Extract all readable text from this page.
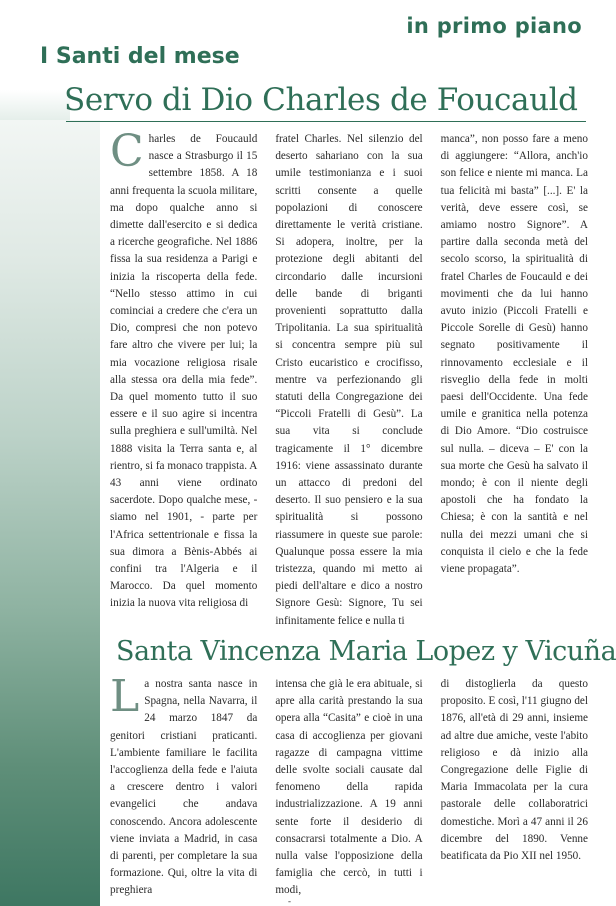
in primo piano
I Santi del mese
Servo di Dio Charles de Foucauld

Charles de Foucauld nasce a Strasburgo il 15 settembre 1858. A 18 anni frequenta la scuola militare, ma dopo qualche anno si dimette dall'esercito e si dedica a ricerche geografiche. Nel 1886 fissa la sua residenza a Parigi e inizia la riscoperta della fede. “Nello stesso attimo in cui cominciai a credere che c'era un Dio, compresi che non potevo fare altro che vivere per lui; la mia vocazione religiosa risale alla stessa ora della mia fede”. Da quel momento tutto il suo essere e il suo agire si incentra sulla preghiera e sull'umiltà. Nel 1888 visita la Terra santa e, al rientro, si fa monaco trappista. A 43 anni viene ordinato sacerdote. Dopo qualche mese, - siamo nel 1901, - parte per l'Africa settentrionale e fissa la sua dimora a Bènis-Abbés ai confini tra l'Algeria e il Marocco. Da quel momento inizia la nuova vita religiosa di

fratel Charles. Nel silenzio del deserto sahariano con la sua umile testimonianza e i suoi scritti consente a quelle popolazioni di conoscere direttamente le verità cristiane. Si adopera, inoltre, per la protezione degli abitanti del circondario dalle incursioni delle bande di briganti provenienti soprattutto dalla Tripolitania. La sua spiritualità si concentra sempre più sul Cristo eucaristico e crocifisso, mentre va perfezionando gli statuti della Congregazione dei “Piccoli Fratelli di Gesù”. La sua vita si conclude tragicamente il 1° dicembre 1916: viene assassinato durante un attacco di predoni del deserto. Il suo pensiero e la sua spiritualità si possono riassumere in queste sue parole: Qualunque possa essere la mia tristezza, quando mi metto ai piedi dell'altare e dico a nostro Signore Gesù: Signore, Tu sei infinitamente felice e nulla ti

manca”, non posso fare a meno di aggiungere: “Allora, anch'io son felice e niente mi manca. La tua felicità mi basta” [...]. E' la verità, deve essere così, se amiamo nostro Signore”. A partire dalla seconda metà del secolo scorso, la spiritualità di fratel Charles de Foucauld e dei movimenti che da lui hanno avuto inizio (Piccoli Fratelli e Piccole Sorelle di Gesù) hanno segnato positivamente il rinnovamento ecclesiale e il risveglio della fede in molti paesi dell'Occidente. Una fede umile e granitica nella potenza di Dio Amore. “Dio costruisce sul nulla. – diceva – E' con la sua morte che Gesù ha salvato il mondo; è con il niente degli apostoli che ha fondato la Chiesa; è con la santità e nel nulla dei mezzi umani che si conquista il cielo e che la fede viene propagata”.

Santa Vincenza Maria Lopez y Vicuña

La nostra santa nasce in Spagna, nella Navarra, il 24 marzo 1847 da genitori cristiani praticanti. L'ambiente familiare le facilita l'accoglienza della fede e l'aiuta a crescere dentro i valori evangelici che andava conoscendo. Ancora adolescente viene inviata a Madrid, in casa di parenti, per completare la sua formazione. Qui, oltre la vita di preghiera

intensa che già le era abituale, si apre alla carità prestando la sua opera alla “Casita” e cioè in una casa di accoglienza per giovani ragazze di campagna vittime delle svolte sociali causate dal fenomeno della rapida industrializzazione. A 19 anni sente forte il desiderio di consacrarsi totalmente a Dio. A nulla valse l'opposizione della famiglia che cercò, in tutti i modi,

di distoglierla da questo proposito. E così, l'11 giugno del 1876, all'età di 29 anni, insieme ad altre due amiche, veste l'abito religioso e dà inizio alla Congregazione delle Figlie di Maria Immacolata per la cura pastorale delle collaboratrici domestiche. Morì a 47 anni il 26 dicembre del 1890. Venne beatificata da Pio XII nel 1950.

-
